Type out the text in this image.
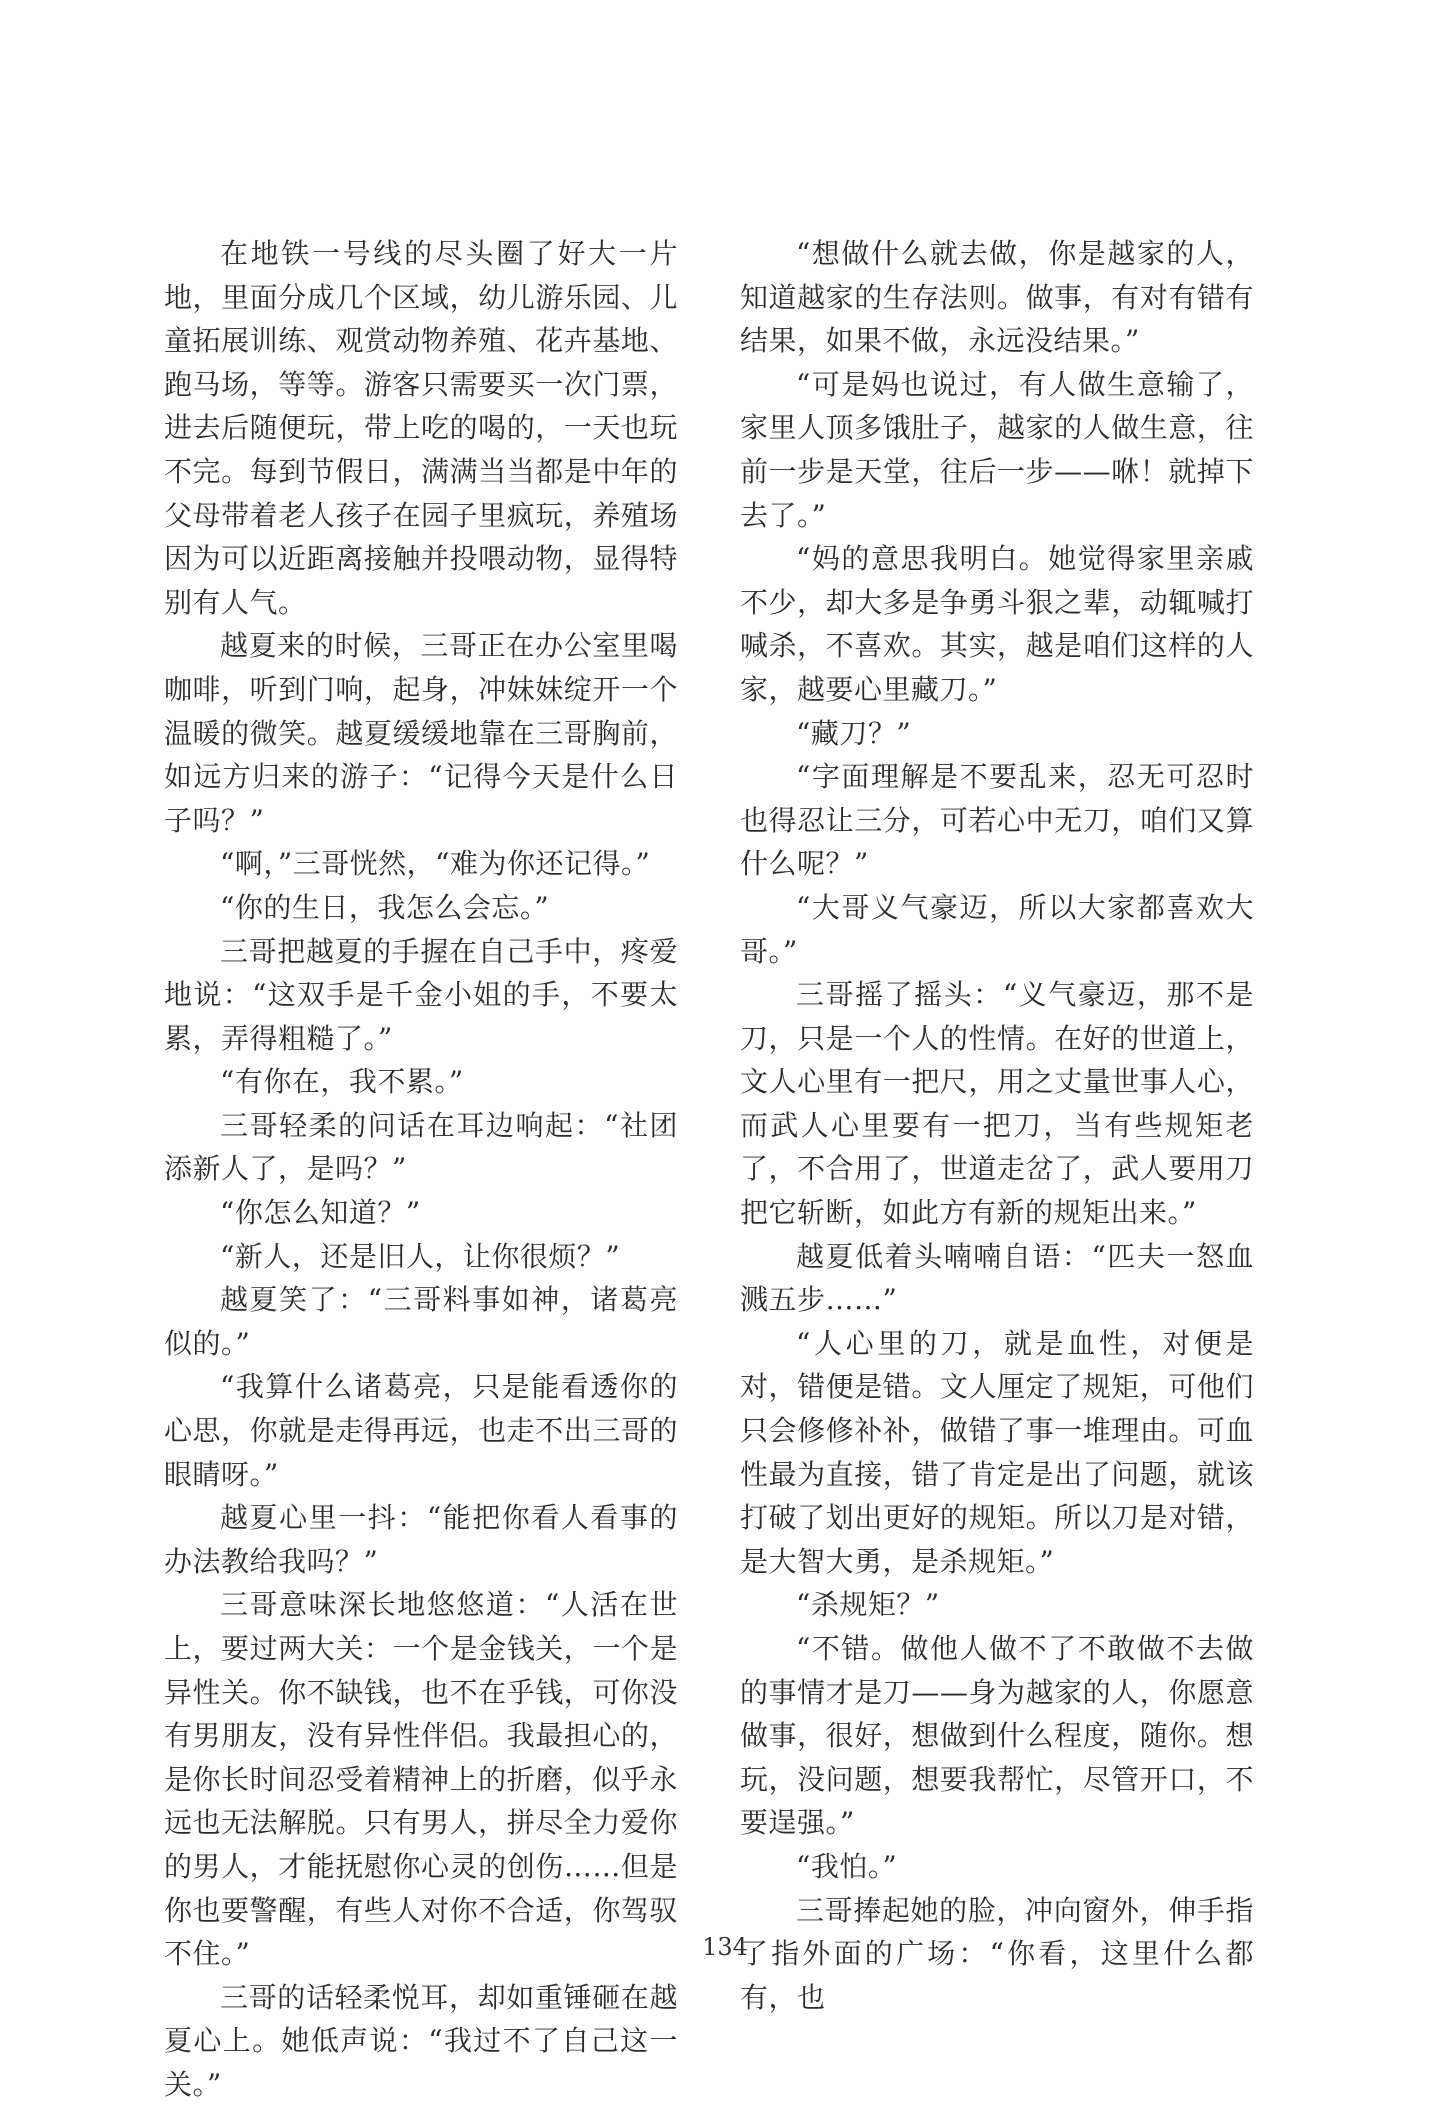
在地铁一号线的尽头圈了好大一片地，里面分成几个区域，幼儿游乐园、儿童拓展训练、观赏动物养殖、花卉基地、跑马场，等等。游客只需要买一次门票，进去后随便玩，带上吃的喝的，一天也玩不完。每到节假日，满满当当都是中年的父母带着老人孩子在园子里疯玩，养殖场因为可以近距离接触并投喂动物，显得特别有人气。

越夏来的时候，三哥正在办公室里喝咖啡，听到门响，起身，冲妹妹绽开一个温暖的微笑。越夏缓缓地靠在三哥胸前，如远方归来的游子：“记得今天是什么日子吗？”

“啊，”三哥恍然，“难为你还记得。”

“你的生日，我怎么会忘。”

三哥把越夏的手握在自己手中，疼爱地说：“这双手是千金小姐的手，不要太累，弄得粗糙了。”

“有你在，我不累。”

三哥轻柔的问话在耳边响起：“社团添新人了，是吗？”

“你怎么知道？”

“新人，还是旧人，让你很烦？”

越夏笑了：“三哥料事如神，诸葛亮似的。”

“我算什么诸葛亮，只是能看透你的心思，你就是走得再远，也走不出三哥的眼睛呀。”

越夏心里一抖：“能把你看人看事的办法教给我吗？”

三哥意味深长地悠悠道：“人活在世上，要过两大关：一个是金钱关，一个是异性关。你不缺钱，也不在乎钱，可你没有男朋友，没有异性伴侣。我最担心的，是你长时间忍受着精神上的折磨，似乎永远也无法解脱。只有男人，拼尽全力爱你的男人，才能抚慰你心灵的创伤……但是你也要警醒，有些人对你不合适，你驾驭不住。”

三哥的话轻柔悦耳，却如重锤砸在越夏心上。她低声说：“我过不了自己这一关。”

“想做什么就去做，你是越家的人，知道越家的生存法则。做事，有对有错有结果，如果不做，永远没结果。”

“可是妈也说过，有人做生意输了，家里人顶多饿肚子，越家的人做生意，往前一步是天堂，往后一步——咻！就掉下去了。”

“妈的意思我明白。她觉得家里亲戚不少，却大多是争勇斗狠之辈，动辄喊打喊杀，不喜欢。其实，越是咱们这样的人家，越要心里藏刀。”

“藏刀？”

“字面理解是不要乱来，忍无可忍时也得忍让三分，可若心中无刀，咱们又算什么呢？”

“大哥义气豪迈，所以大家都喜欢大哥。”

三哥摇了摇头：“义气豪迈，那不是刀，只是一个人的性情。在好的世道上，文人心里有一把尺，用之丈量世事人心，而武人心里要有一把刀，当有些规矩老了，不合用了，世道走岔了，武人要用刀把它斩断，如此方有新的规矩出来。”

越夏低着头喃喃自语：“匹夫一怒血溅五步……”

“人心里的刀，就是血性，对便是对，错便是错。文人厘定了规矩，可他们只会修修补补，做错了事一堆理由。可血性最为直接，错了肯定是出了问题，就该打破了划出更好的规矩。所以刀是对错，是大智大勇，是杀规矩。”

“杀规矩？”

“不错。做他人做不了不敢做不去做的事情才是刀——身为越家的人，你愿意做事，很好，想做到什么程度，随你。想玩，没问题，想要我帮忙，尽管开口，不要逞强。”

“我怕。”

三哥捧起她的脸，冲向窗外，伸手指了指外面的广场：“你看，这里什么都有，也

134
